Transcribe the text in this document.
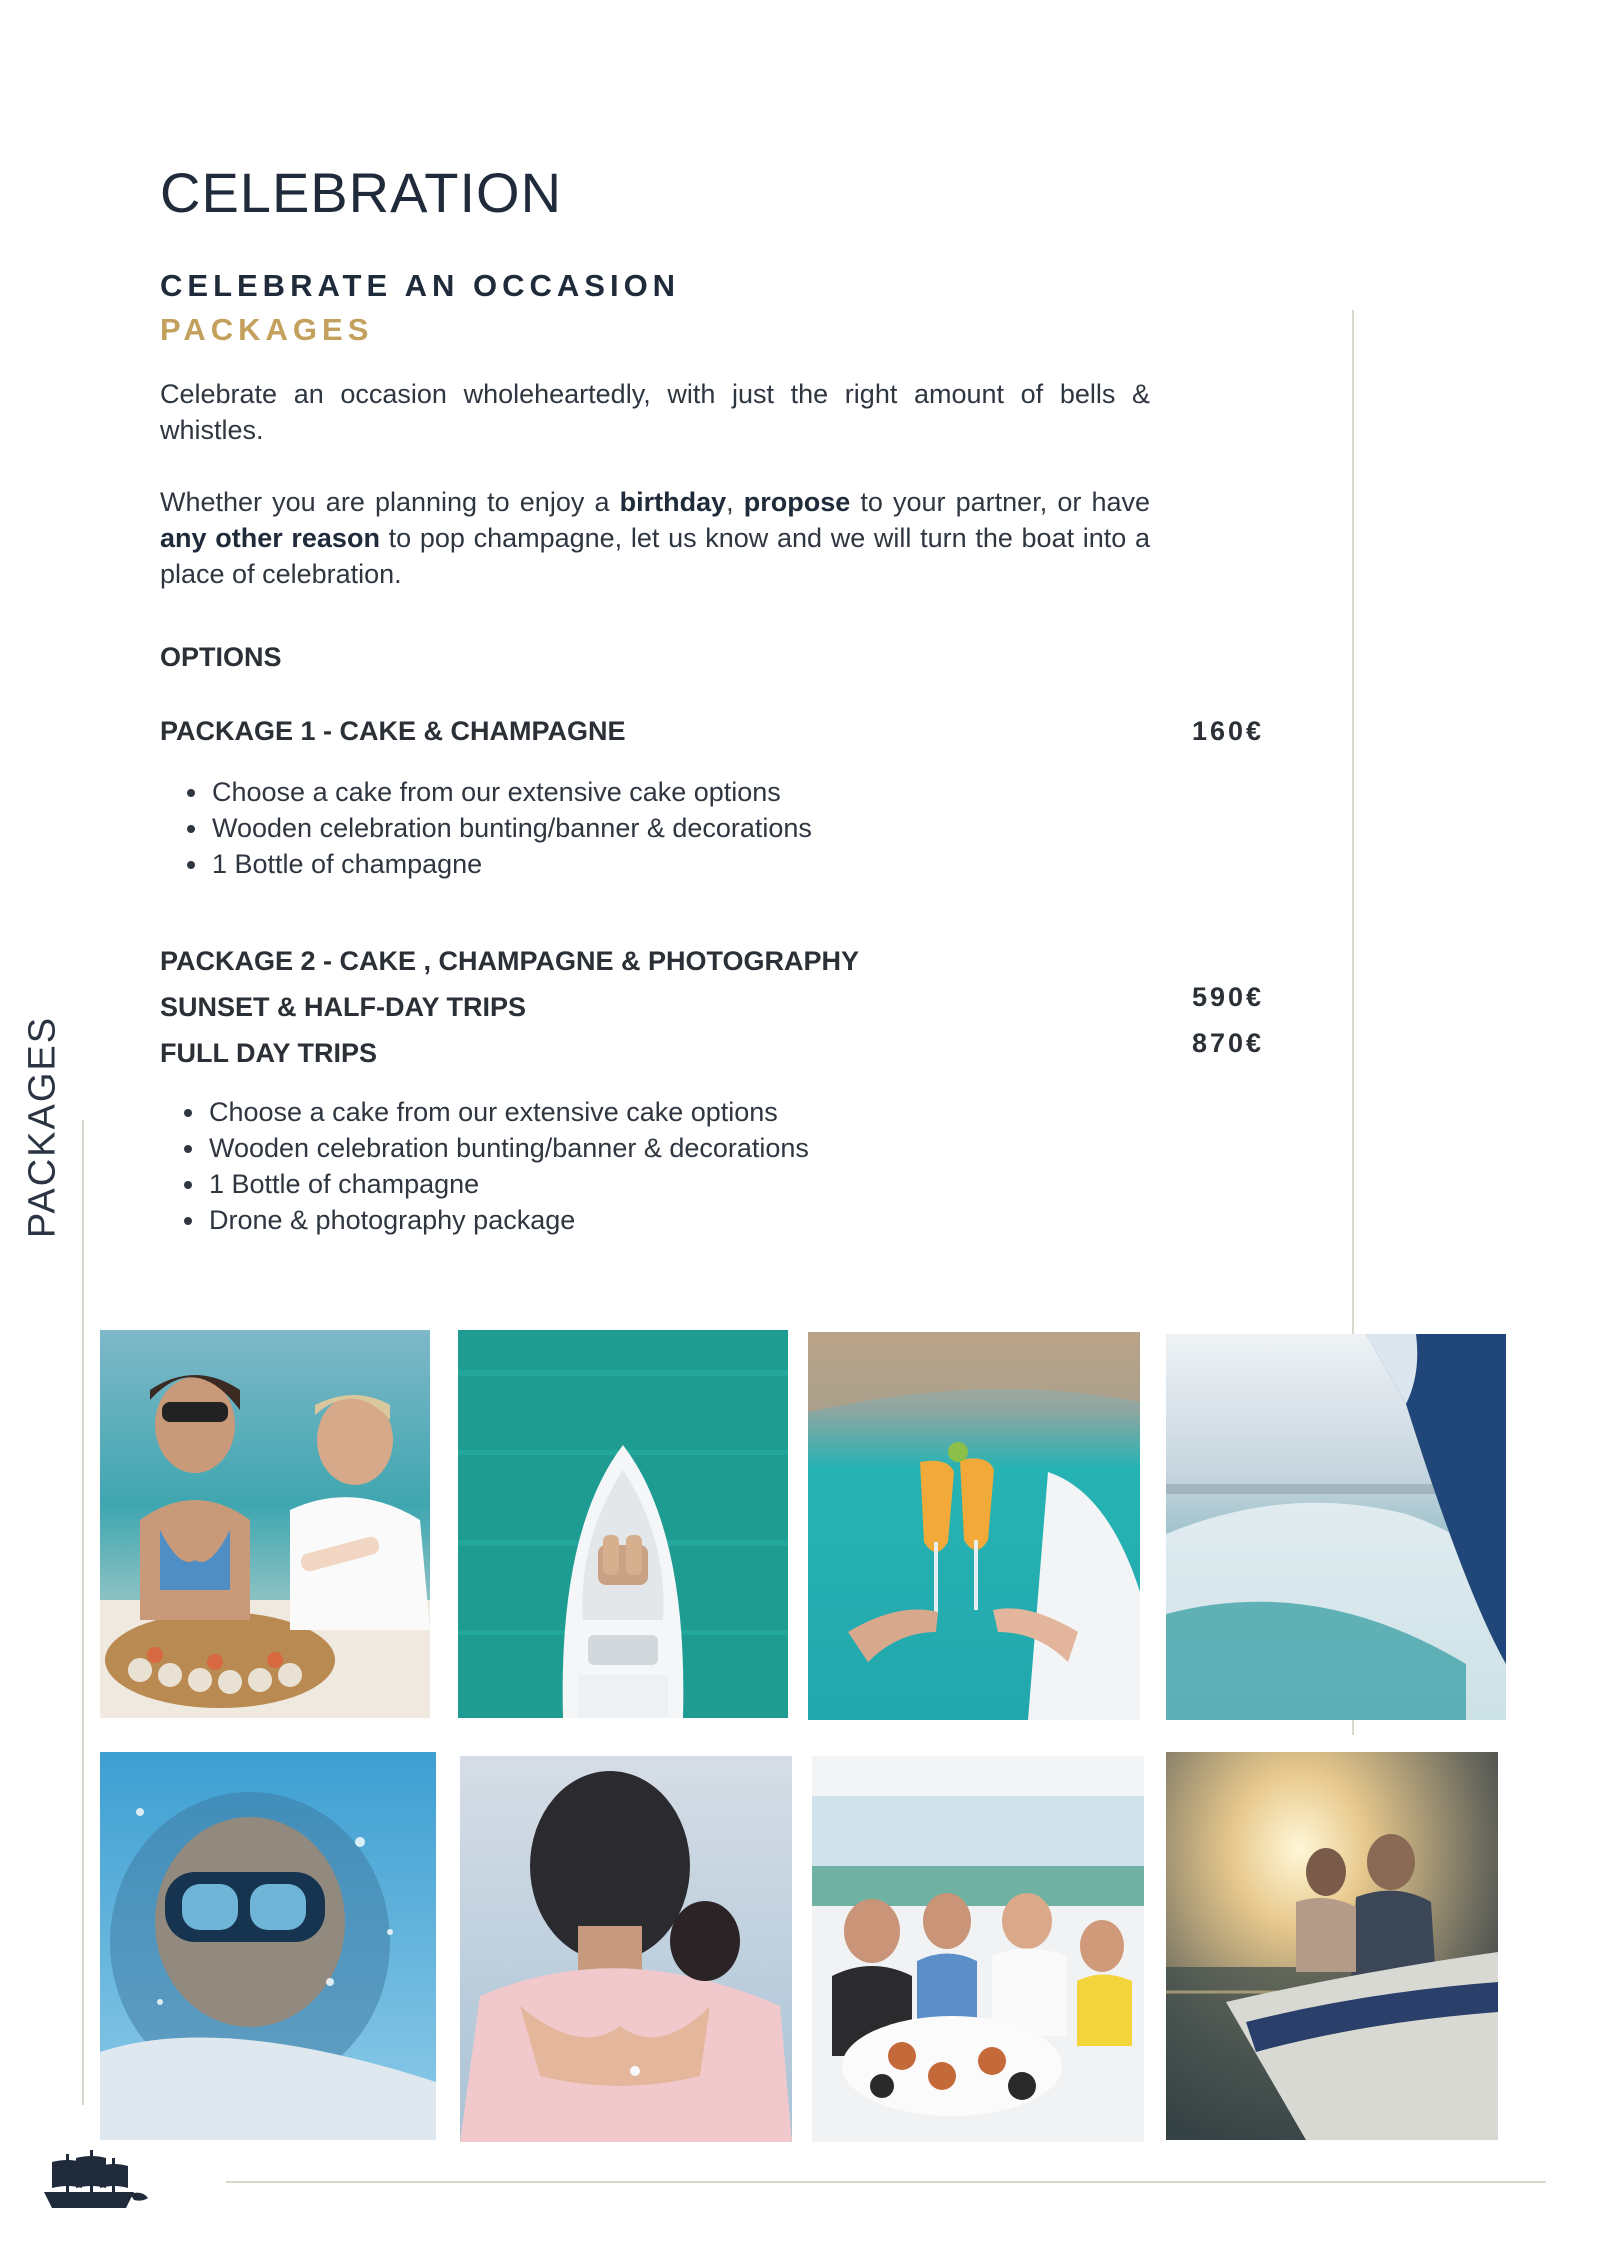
CELEBRATION
CELEBRATE AN OCCASION
PACKAGES
Celebrate an occasion wholeheartedly, with just the right amount of bells & whistles.
Whether you are planning to enjoy a birthday, propose to your partner, or have any other reason to pop champagne, let us know and we will turn the boat into a place of celebration.
OPTIONS
PACKAGE 1 - CAKE & CHAMPAGNE	160€
• Choose a cake from our extensive cake options
• Wooden celebration bunting/banner & decorations
• 1 Bottle of champagne
PACKAGE 2 - CAKE , CHAMPAGNE & PHOTOGRAPHY
SUNSET & HALF-DAY TRIPS
FULL DAY TRIPS
590€
870€
• Choose a cake from our extensive cake options
• Wooden celebration bunting/banner & decorations
• 1 Bottle of champagne
• Drone & photography package
PACKAGES
